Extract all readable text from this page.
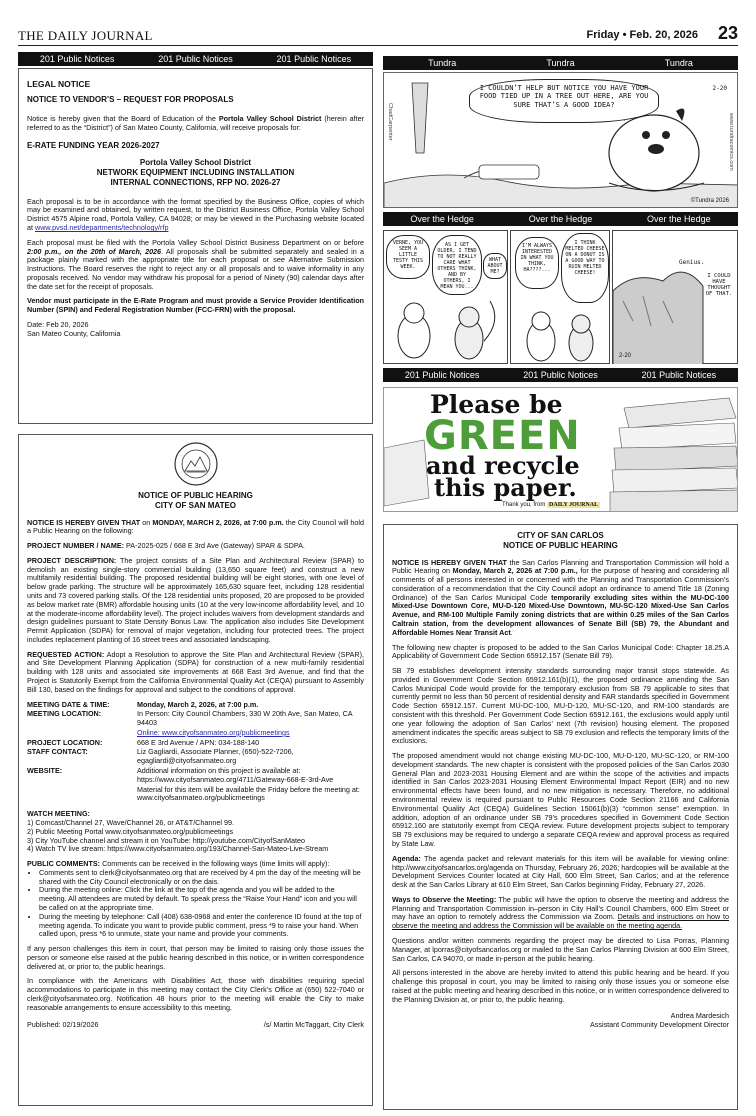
THE DAILY JOURNAL	Friday • Feb. 20, 2026 23
201 Public Notices	201 Public Notices	201 Public Notices

LEGAL NOTICE

NOTICE TO VENDOR’S – REQUEST FOR PROPOSALS

Notice is hereby given that the Board of Education of the Portola Valley School District (herein after referred to as the “District”) of San Mateo County, California, will receive proposals for:

E-RATE FUNDING YEAR 2026-2027

Portola Valley School District
NETWORK EQUIPMENT INCLUDING INSTALLATION
INTERNAL CONNECTIONS, RFP NO. 2026-27

Each proposal is to be in accordance with the format specified by the Business Office, copies of which may be examined and obtained, by written request, to the District Business Office, Portola Valley School District 4575 Alpine road, Portola Valley, CA 94028; or may be viewed in the Purchasing website located at www.pvsd.net/departments/technology/rfp

Each proposal must be filed with the Portola Valley School District Business Department on or before 2:00 p.m., on the 20th of March, 2026. All proposals shall be submitted separately and sealed in a package plainly marked with the appropriate title for each proposal or see Alternative Submission Instructions. The Board reserves the right to reject any or all proposals and to waive informality in any proposals received. No vendor may withdraw his proposal for a period of Ninety (90) calendar days after the date set for the receipt of proposals.

Vendor must participate in the E-Rate Program and must provide a Service Provider Identification Number (SPIN) and Federal Registration Number (FCC-FRN) with the proposal.

Date: Feb 20, 2026
San Mateo County, California
NOTICE OF PUBLIC HEARING
CITY OF SAN MATEO

NOTICE IS HEREBY GIVEN THAT on MONDAY, MARCH 2, 2026, at 7:00 p.m. the City Council will hold a Public Hearing on the following:

PROJECT NUMBER / NAME: PA-2025-025 / 668 E 3rd Ave (Gateway) SPAR & SDPA.

PROJECT DESCRIPTION: The project consists of a Site Plan and Architectural Review (SPAR) to demolish an existing single-story commercial building (13,650 square feet) and construct a new multifamily residential building. The proposed residential building will be eight stories, with one level of below grade parking. The structure will be approximately 165,630 square feet, including 128 residential units and 73 covered parking stalls. Of the 128 residential units proposed, 20 are proposed to be provided as below market rate (BMR) affordable housing units (10 at the very low-income affordability level, and 10 at the moderate-income affordability level). The project includes waivers from development standards and design guidelines pursuant to State Density Bonus Law. The application also includes Site Development Permit Application (SDPA) for removal of major vegetation, including four protected trees. The project includes replacement planting of 16 street trees and associated landscaping.

REQUESTED ACTION: Adopt a Resolution to approve the Site Plan and Architectural Review (SPAR), and Site Development Planning Application (SDPA) for construction of a new multi-family residential building with 128 units and associated site improvements at 668 East 3rd Avenue, and find that the Project is Statutorily Exempt from the California Environmental Quality Act (CEQA) pursuant to Assembly Bill 130, based on the findings for approval and subject to the conditions of approval.

MEETING DATE & TIME:	Monday, March 2, 2026, at 7:00 p.m.
MEETING LOCATION:	In Person: City Council Chambers, 330 W 20th Ave, San Mateo, CA 94403
	Online: www.cityofsanmateo.org/publicmeetings
PROJECT LOCATION:	668 E 3rd Avenue / APN: 034-188-140
STAFF CONTACT:	Liz Gagliardi, Associate Planner, (650)-522-7206, egagliardi@cityofsanmateo.org
WEBSITE:	Additional information on this project is available at: https://www.cityofsanmateo.org/4711/Gateway-668-E-3rd-Ave
	Material for this item will be available the Friday before the meeting at: www.cityofsanmateo.org/publicmeetings
WATCH MEETING:
1) Comcast/Channel 27, Wave/Channel 26, or AT&T/Channel 99.
2) Public Meeting Portal www.cityofsanmateo.org/publicmeetings
3) City YouTube channel and stream it on YouTube: http://youtube.com/CityofSanMateo
4) Watch TV live stream: https://www.cityofsanmateo.org/193/Channel-San-Mateo-Live-Stream
PUBLIC COMMENTS: Comments can be received in the following ways (time limits will apply):
• Comments sent to clerk@cityofsanmateo.org that are received by 4 pm the day of the meeting will be shared with the City Council electronically or on the dais.
• During the meeting online: Click the link at the top of the agenda and you will be added to the meeting. All attendees are muted by default. To speak press the “Raise Your Hand” icon and you will be called on at the appropriate time.
• During the meeting by telephone: Call (408) 638-0968 and enter the conference ID found at the top of meeting agenda. To indicate you want to provide public comment, press *9 to raise your hand. When called upon, press *6 to unmute, state your name and provide your comments.

If any person challenges this item in court, that person may be limited to raising only those issues the person or someone else raised at the public hearing described in this notice, or in written correspondence delivered at, or prior to, the public hearings.

In compliance with the Americans with Disabilities Act, those with disabilities requiring special accommodations to participate in this meeting may contact the City Clerk’s Office at (650) 522-7040 or clerk@cityofsanmateo.org. Notification 48 hours prior to the meeting will enable the City to make reasonable arrangements to ensure accessibility to this meeting.

Published: 02/19/2026	/s/ Martin McTaggart, City Clerk
Tundra	Tundra	Tundra
I COULDN’T HELP BUT NOTICE YOU HAVE YOUR FOOD TIED UP IN A TREE OUT HERE, ARE YOU SURE THAT’S A GOOD IDEA?
2-20
www.tundracomics.com
ChadCarpenter
©Tundra 2026
Over the Hedge	Over the Hedge	Over the Hedge
VERNE, YOU SEEM A LITTLE TESTY THIS WEEK.
AS I GET OLDER, I TEND TO NOT REALLY CARE WHAT OTHERS THINK, AND BY OTHERS, I MEAN YOU...
WHAT ABOUT ME?
I’M ALWAYS INTERESTED IN WHAT YOU THINK, HA????...
I THINK MELTED CHEESE ON A DONUT IS A GOOD WAY TO RUIN MELTED CHEESE!
Genius.
I COULD HAVE THOUGHT OF THAT.
2-20
201 Public Notices	201 Public Notices	201 Public Notices
Please be
GREEN
and recycle
this paper.
Thank you, from DAILY JOURNAL
CITY OF SAN CARLOS
NOTICE OF PUBLIC HEARING

NOTICE IS HEREBY GIVEN THAT the San Carlos Planning and Transportation Commission will hold a Public Hearing on Monday, March 2, 2026 at 7:00 p.m., for the purpose of hearing and considering all comments of all persons interested in or concerned with the Planning and Transportation Commission’s consideration of a recommendation that the City Council adopt an ordinance to amend Title 18 (Zoning Ordinance) of the San Carlos Municipal Code temporarily excluding sites within the MU-DC-100 Mixed-Use Downtown Core, MU-D-120 Mixed-Use Downtown, MU-SC-120 Mixed-Use San Carlos Avenue, and RM-100 Multiple Family zoning districts that are within 0.25 miles of the San Carlos Caltrain station, from the development allowances of Senate Bill (SB) 79, the Abundant and Affordable Homes Near Transit Act.

The following new chapter is proposed to be added to the San Carlos Municipal Code: Chapter 18.25.A Applicability of Government Code Section 65912.157 (Senate Bill 79).

SB 79 establishes development intensity standards surrounding major transit stops statewide. As provided in Government Code Section 65912.161(b)(1), the proposed ordinance amending the San Carlos Municipal Code would provide for the temporary exclusion from SB 79 applicable to sites that currently permit no less than 50 percent of residential density and FAR standards specified in Government Code Section 65912.157. Current MU-DC-100, MU-D-120, MU-SC-120, and RM-100 standards are consistent with this threshold. Per Government Code Section 65912.161, the exclusions would apply until one year following the adoption of San Carlos’ next (7th revision) housing element. The proposed amendment indicates the specific areas subject to SB 79 exclusion and reflects the temporary limits of the exclusions.

The proposed amendment would not change existing MU-DC-100, MU-D-120, MU-SC-120, or RM-100 development standards. The new chapter is consistent with the proposed policies of the San Carlos 2030 General Plan and 2023-2031 Housing Element and are within the scope of the activities and impacts identified in San Carlos 2023-2031 Housing Element Environmental Impact Report (EIR) and no new environmental effects have been found, and no new mitigation is necessary. Therefore, no additional environmental review is required pursuant to Public Resources Code Section 21166 and California Environmental Quality Act (CEQA) Guidelines Section 15061(b)(3) “common sense” exemption. In addition, adoption of an ordinance under SB 79’s procedures specified in Government Code Section 65912.160 are statutorily exempt from CEQA review. Future development projects subject to temporary SB 79 exclusions may be required to undergo a separate CEQA review and approval process as required by State Law.

Agenda: The agenda packet and relevant materials for this item will be available for viewing online: http://www.cityofsancarlos.org/agenda on Thursday, February 26, 2026; hardcopies will be available at the Development Services Counter located at City Hall, 600 Elm Street, San Carlos; and at the reference desk at the San Carlos Library at 610 Elm Street, San Carlos beginning Friday, February 27, 2026.

Ways to Observe the Meeting: The public will have the option to observe the meeting and address the Planning and Transportation Commission in–person in City Hall’s Council Chambers, 600 Elm Street or may have an option to remotely address the Commission via Zoom. Details and instructions on how to observe the meeting and address the Commission will be available on the meeting agenda.

Questions and/or written comments regarding the project may be directed to Lisa Porras, Planning Manager, at lporras@cityofsancarlos.org or mailed to the San Carlos Planning Division at 600 Elm Street, San Carlos, CA 94070, or made in-person at the public hearing.

All persons interested in the above are hereby invited to attend this public hearing and be heard. If you challenge this proposal in court, you may be limited to raising only those issues you or someone else raised at the public meeting and hearing described in this notice, or in written correspondence delivered to the Planning Division at, or prior to, the public hearing.

Andrea Mardesich
Assistant Community Development Director
